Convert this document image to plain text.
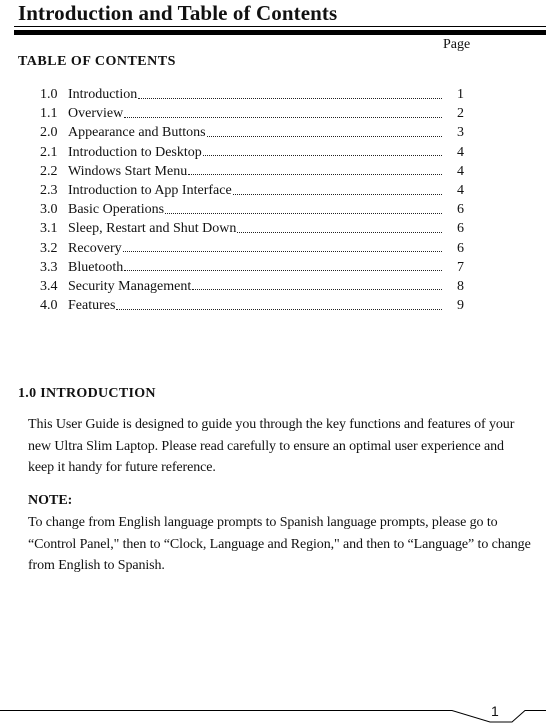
Introduction and Table of Contents
Page
TABLE OF CONTENTS
1.0 Introduction	1
1.1 Overview	2
2.0 Appearance and Buttons	3
2.1 Introduction to Desktop	4
2.2 Windows Start Menu	4
2.3 Introduction to App Interface	4
3.0 Basic Operations	6
3.1 Sleep, Restart and Shut Down	6
3.2 Recovery	6
3.3 Bluetooth	7
3.4 Security Management	8
4.0 Features	9
1.0 INTRODUCTION

This User Guide is designed to guide you through the key functions and features of your new Ultra Slim Laptop. Please read carefully to ensure an optimal user experience and keep it handy for future reference.

NOTE:

To change from English language prompts to Spanish language prompts, please go to “Control Panel," then to “Clock, Language and Region," and then to “Language” to change from English to Spanish.

1
